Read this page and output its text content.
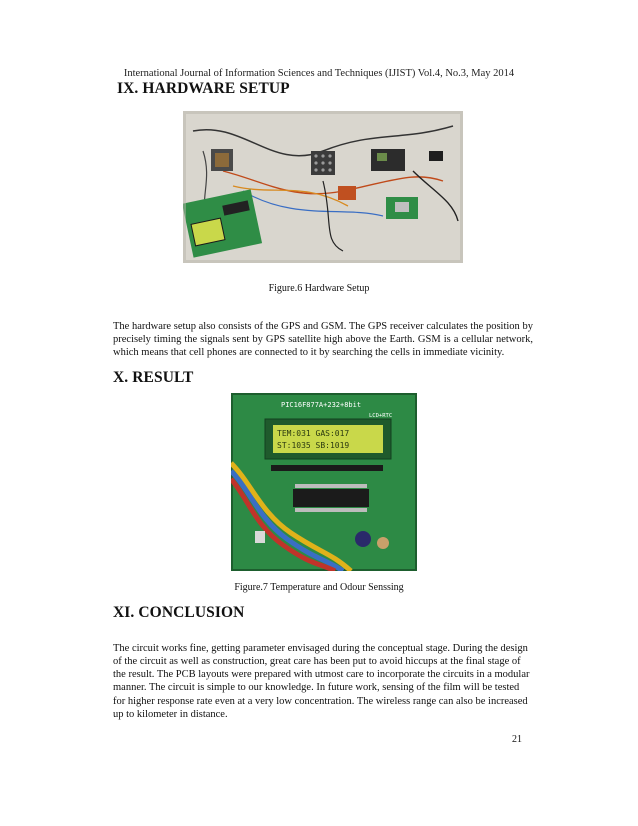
International Journal of Information Sciences and Techniques (IJIST) Vol.4, No.3, May 2014
IX. HARDWARE SETUP
Figure.6 Hardware Setup

The hardware setup also consists of the GPS and GSM. The GPS receiver calculates the position by precisely timing the signals sent by GPS satellite high above the Earth. GSM is a cellular network, which means that cell phones are connected to it by searching the cells in immediate vicinity.

X. RESULT
PIC16F877A+232+8bit
LCD+RTC
TEM:031 GAS:017
ST:1035 SB:1019
Figure.7 Temperature and Odour Senssing
XI. CONCLUSION

The circuit works fine, getting parameter envisaged during the conceptual stage. During the design of the circuit as well as construction, great care has been put to avoid hiccups at the final stage of the result. The PCB layouts were prepared with utmost care to incorporate the circuits in a modular manner. The circuit is simple to our knowledge. In future work, sensing of the film will be tested for higher response rate even at a very low concentration. The wireless range can also be increased up to kilometer in distance.

21
